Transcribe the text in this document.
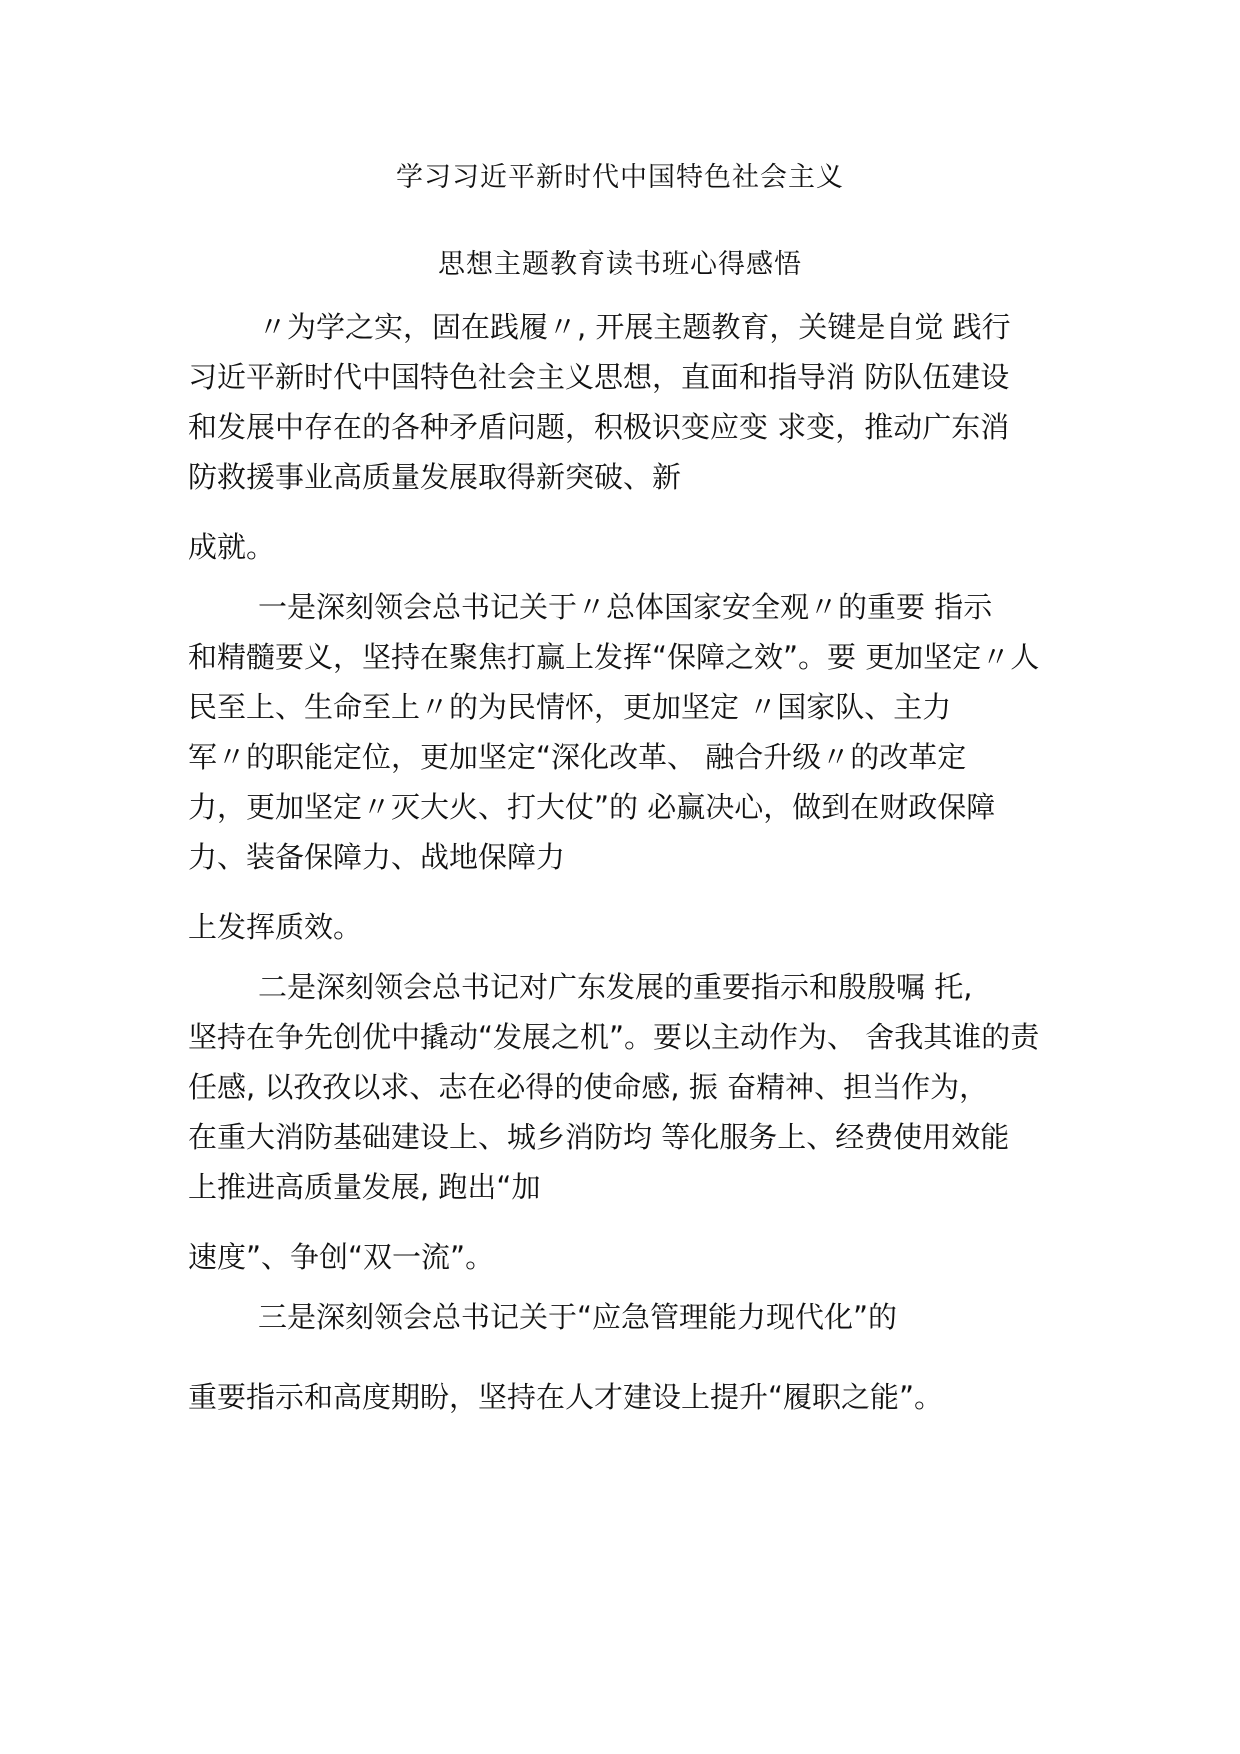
学习习近平新时代中国特色社会主义
思想主题教育读书班心得感悟

〃为学之实，固在践履〃, 开展主题教育，关键是自觉 践行

习近平新时代中国特色社会主义思想，直面和指导消 防队伍建设

和发展中存在的各种矛盾问题，积极识变应变 求变，推动广东消

防救援事业高质量发展取得新突破、新

成就。

一是深刻领会总书记关于〃总体国家安全观〃的重要 指示

和精髓要义，坚持在聚焦打赢上发挥“保障之效”。要 更加坚定〃人

民至上、生命至上〃的为民情怀，更加坚定 〃国家队、主力

军〃的职能定位，更加坚定“深化改革、 融合升级〃的改革定

力，更加坚定〃灭大火、打大仗”的 必赢决心，做到在财政保障

力、装备保障力、战地保障力

上发挥质效。

二是深刻领会总书记对广东发展的重要指示和殷殷嘱 托,

坚持在争先创优中撬动“发展之机”。要以主动作为、 舍我其谁的责

任感, 以孜孜以求、志在必得的使命感, 振 奋精神、担当作为，

在重大消防基础建设上、城乡消防均 等化服务上、经费使用效能

上推进高质量发展, 跑出“加

速度”、争创“双一流”。

三是深刻领会总书记关于“应急管理能力现代化”的

重要指示和高度期盼，坚持在人才建设上提升“履职之能”。
